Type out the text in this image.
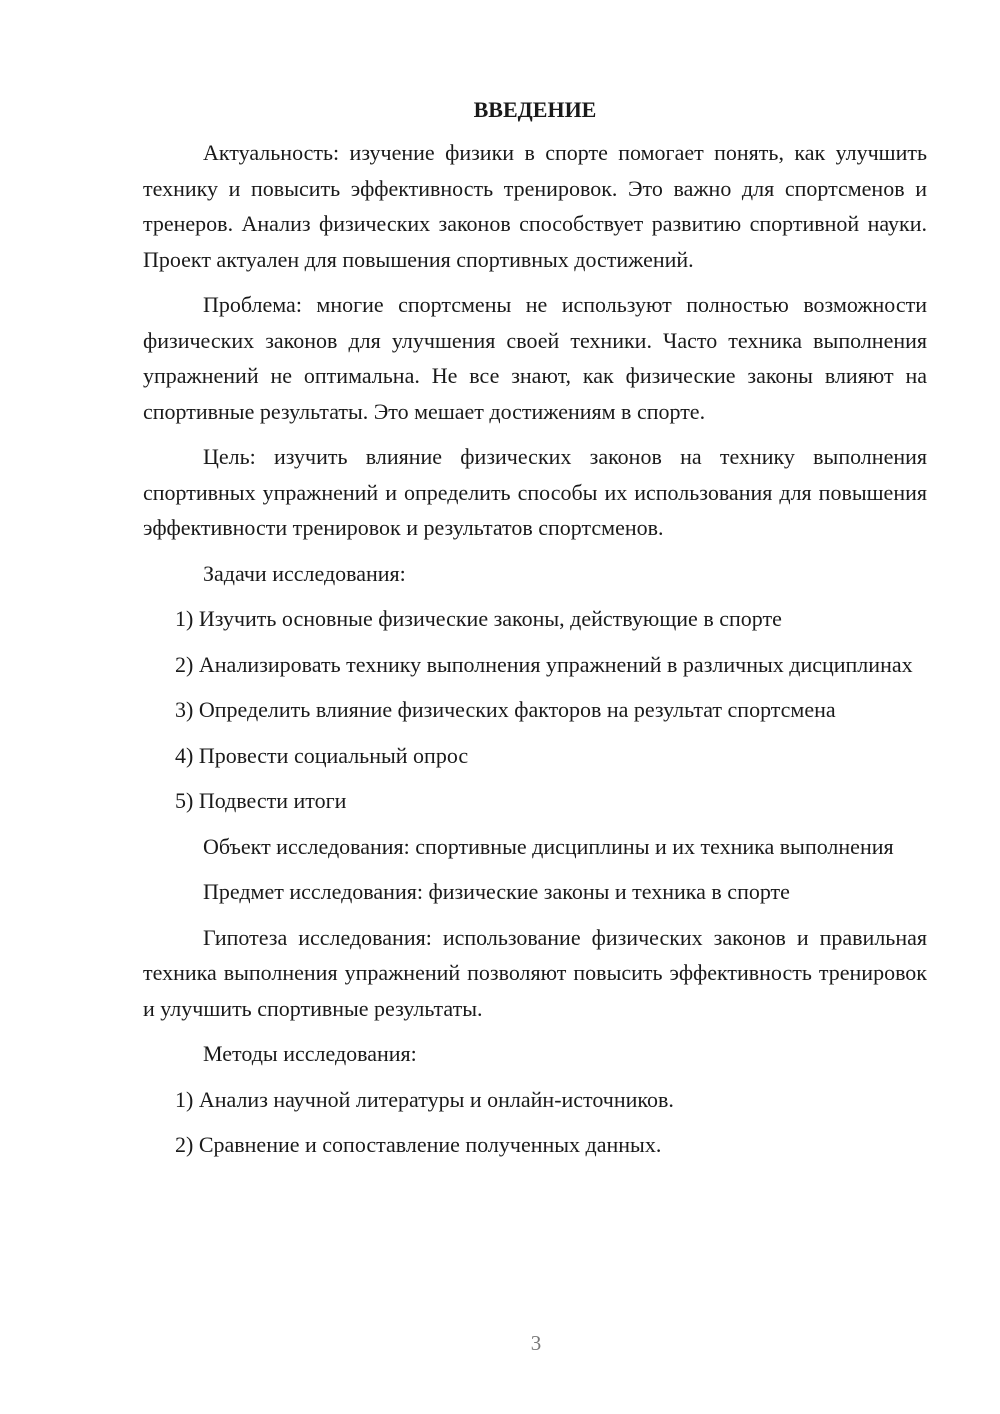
ВВЕДЕНИЕ

Актуальность: изучение физики в спорте помогает понять, как улучшить технику и повысить эффективность тренировок. Это важно для спортсменов и тренеров. Анализ физических законов способствует развитию спортивной науки. Проект актуален для повышения спортивных достижений.

Проблема: многие спортсмены не используют полностью возможности физических законов для улучшения своей техники. Часто техника выполнения упражнений не оптимальна. Не все знают, как физические законы влияют на спортивные результаты. Это мешает достижениям в спорте.

Цель: изучить влияние физических законов на технику выполнения спортивных упражнений и определить способы их использования для повышения эффективности тренировок и результатов спортсменов.

Задачи исследования:

1) Изучить основные физические законы, действующие в спорте

2) Анализировать технику выполнения упражнений в различных дисциплинах

3) Определить влияние физических факторов на результат спортсмена

4) Провести социальный опрос

5) Подвести итоги

Объект исследования: спортивные дисциплины и их техника выполнения

Предмет исследования: физические законы и техника в спорте

Гипотеза исследования: использование физических законов и правильная техника выполнения упражнений позволяют повысить эффективность тренировок и улучшить спортивные результаты.

Методы исследования:

1) Анализ научной литературы и онлайн-источников.

2) Сравнение и сопоставление полученных данных.

3
